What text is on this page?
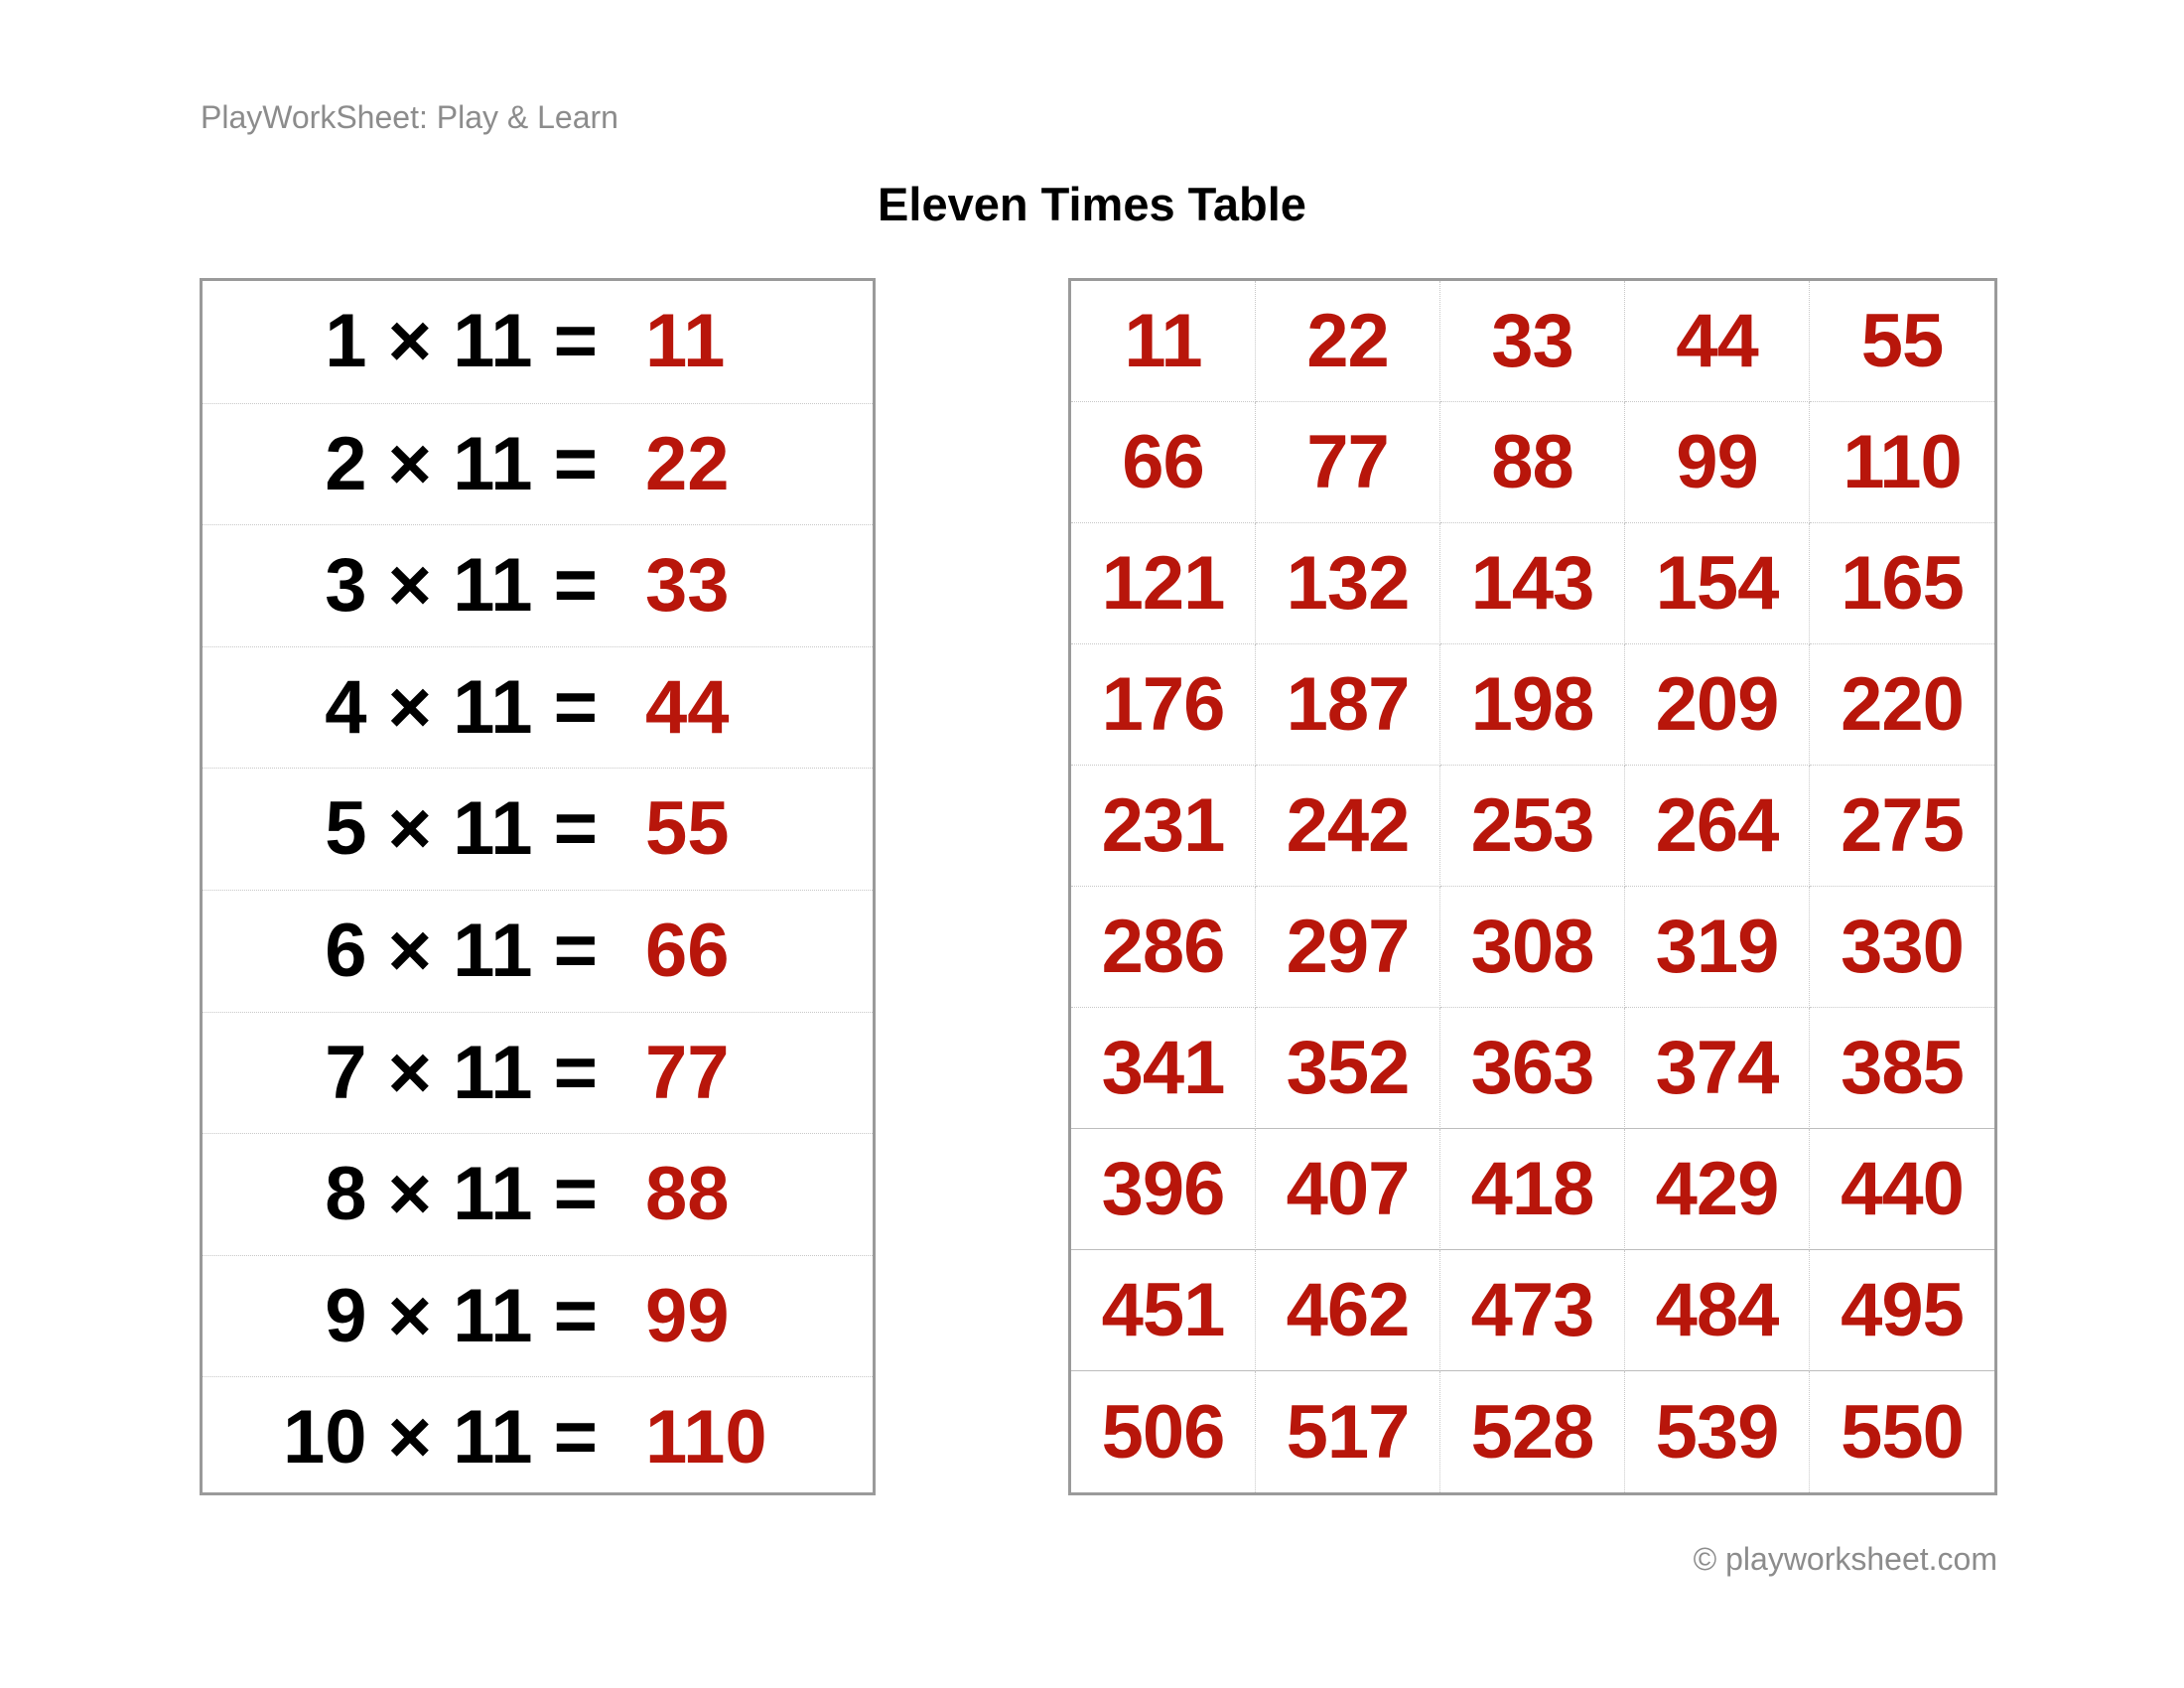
PlayWorkSheet: Play & Learn
Eleven Times Table
1 × 11 = 11
2 × 11 = 22
3 × 11 = 33
4 × 11 = 44
5 × 11 = 55
6 × 11 = 66
7 × 11 = 77
8 × 11 = 88
9 × 11 = 99
10 × 11 = 110
11	22	33	44	55
66	77	88	99	110
121 132 143 154 165
176 187 198 209 220
231 242 253 264 275
286 297 308 319 330
341 352 363 374 385
396 407 418 429 440
451 462 473 484 495
506 517 528 539 550
© playworksheet.com
